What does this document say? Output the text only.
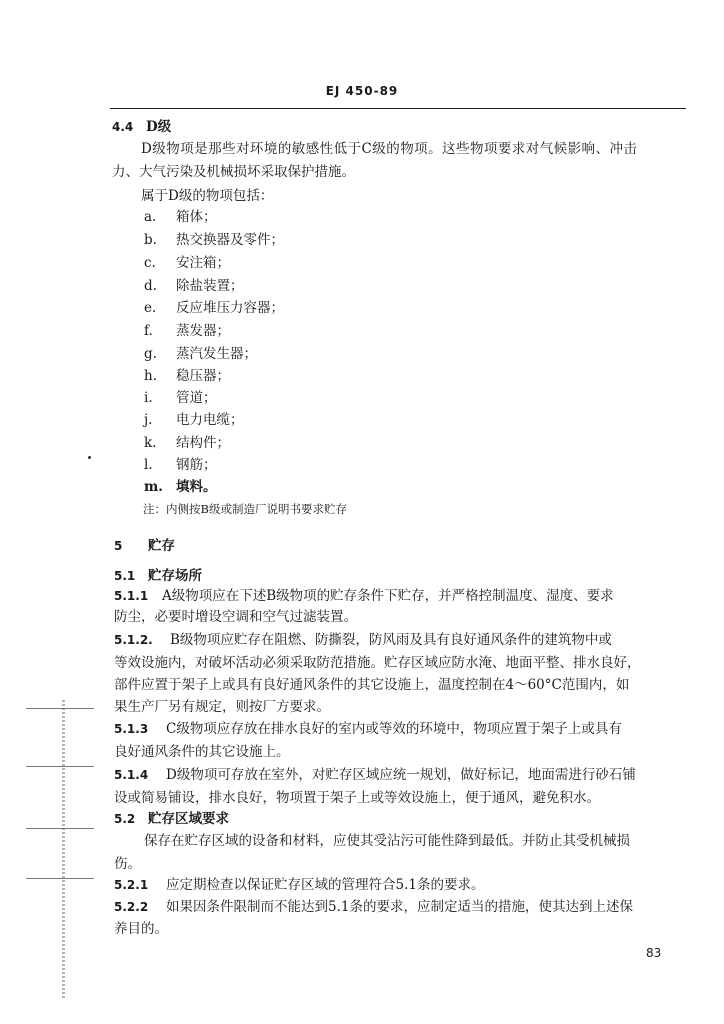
EJ 450-89
4.4 D级
D级物项是那些对环境的敏感性低于C级的物项。这些物项要求对气候影响、冲击
力、大气污染及机械损坏采取保护措施。
属于D级的物项包括：
a. 箱体；
b. 热交换器及零件；
c. 安注箱；
d. 除盐装置；
e. 反应堆压力容器；
f. 蒸发器；
g. 蒸汽发生器；
h. 稳压器；
i. 管道；
j. 电力电缆；
k. 结构件；
l. 钢筋；
m. 填料。
注：内侧按B级或制造厂说明书要求贮存
5 贮存
5.1 贮存场所
5.1.1 A级物项应在下述B级物项的贮存条件下贮存，并严格控制温度、湿度、要求
防尘，必要时增设空调和空气过滤装置。
5.1.2. B级物项应贮存在阻燃、防撕裂，防风雨及具有良好通风条件的建筑物中或
等效设施内，对破坏活动必须采取防范措施。贮存区域应防水淹、地面平整、排水良好，
部件应置于架子上或具有良好通风条件的其它设施上，温度控制在4～60°C范围内，如
果生产厂另有规定，则按厂方要求。
5.1.3 C级物项应存放在排水良好的室内或等效的环境中，物项应置于架子上或具有
良好通风条件的其它设施上。
5.1.4 D级物项可存放在室外，对贮存区域应统一规划，做好标记，地面需进行砂石铺
设或简易铺设，排水良好，物项置于架子上或等效设施上，便于通风，避免积水。
5.2 贮存区域要求
保存在贮存区域的设备和材料，应使其受沾污可能性降到最低。并防止其受机械损
伤。
5.2.1 应定期检查以保证贮存区域的管理符合5.1条的要求。
5.2.2 如果因条件限制而不能达到5.1条的要求，应制定适当的措施，使其达到上述保
养目的。
83
